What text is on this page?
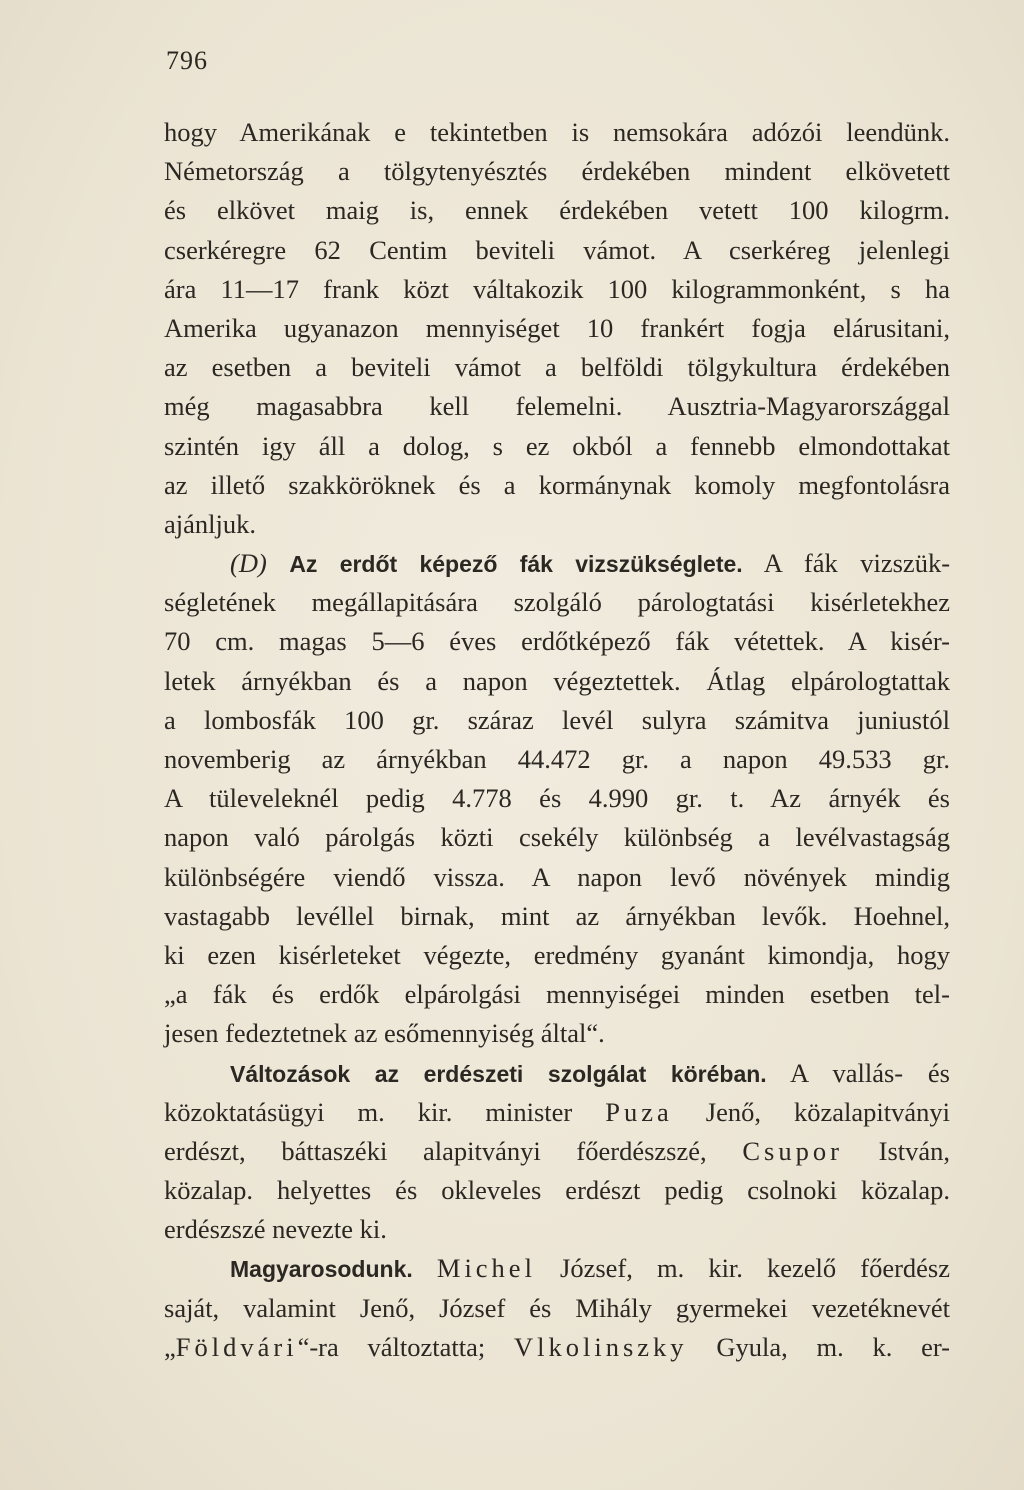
796
hogy Amerikának e tekintetben is nemsokára adózói leendünk.
Németország a tölgytenyésztés érdekében mindent elkövetett
és elkövet maig is, ennek érdekében vetett 100 kilogrm.
cserkéregre 62 Centim beviteli vámot. A cserkéreg jelenlegi
ára 11—17 frank közt váltakozik 100 kilogrammonként, s ha
Amerika ugyanazon mennyiséget 10 frankért fogja elárusitani,
az esetben a beviteli vámot a belföldi tölgykultura érdekében
még magasabbra kell felemelni. Ausztria-Magyarországgal
szintén igy áll a dolog, s ez okból a fennebb elmondottakat
az illető szakköröknek és a kormánynak komoly megfontolásra
ajánljuk.
(D) Az erdőt képező fák vizszükséglete. A fák vizszük-
ségletének megállapitására szolgáló párologtatási kisérletekhez
70 cm. magas 5—6 éves erdőtképező fák vétettek. A kisér-
letek árnyékban és a napon végeztettek. Átlag elpárologtattak
a lombosfák 100 gr. száraz levél sulyra számitva juniustól
novemberig az árnyékban 44.472 gr. a napon 49.533 gr.
A tüleveleknél pedig 4.778 és 4.990 gr. t. Az árnyék és
napon való párolgás közti csekély különbség a levélvastagság
különbségére viendő vissza. A napon levő növények mindig
vastagabb levéllel birnak, mint az árnyékban levők. Hoehnel,
ki ezen kisérleteket végezte, eredmény gyanánt kimondja, hogy
„a fák és erdők elpárolgási mennyiségei minden esetben tel-
jesen fedeztetnek az esőmennyiség által“.
Változások az erdészeti szolgálat köréban. A vallás- és
közoktatásügyi m. kir. minister Puza Jenő, közalapitványi
erdészt, báttaszéki alapitványi főerdészszé, Csupor István,
közalap. helyettes és okleveles erdészt pedig csolnoki közalap.
erdészszé nevezte ki.
Magyarosodunk. Michel József, m. kir. kezelő főerdész
saját, valamint Jenő, József és Mihály gyermekei vezetéknevét
„Földvári“-ra változtatta; Vlkolinszky Gyula, m. k. er-
